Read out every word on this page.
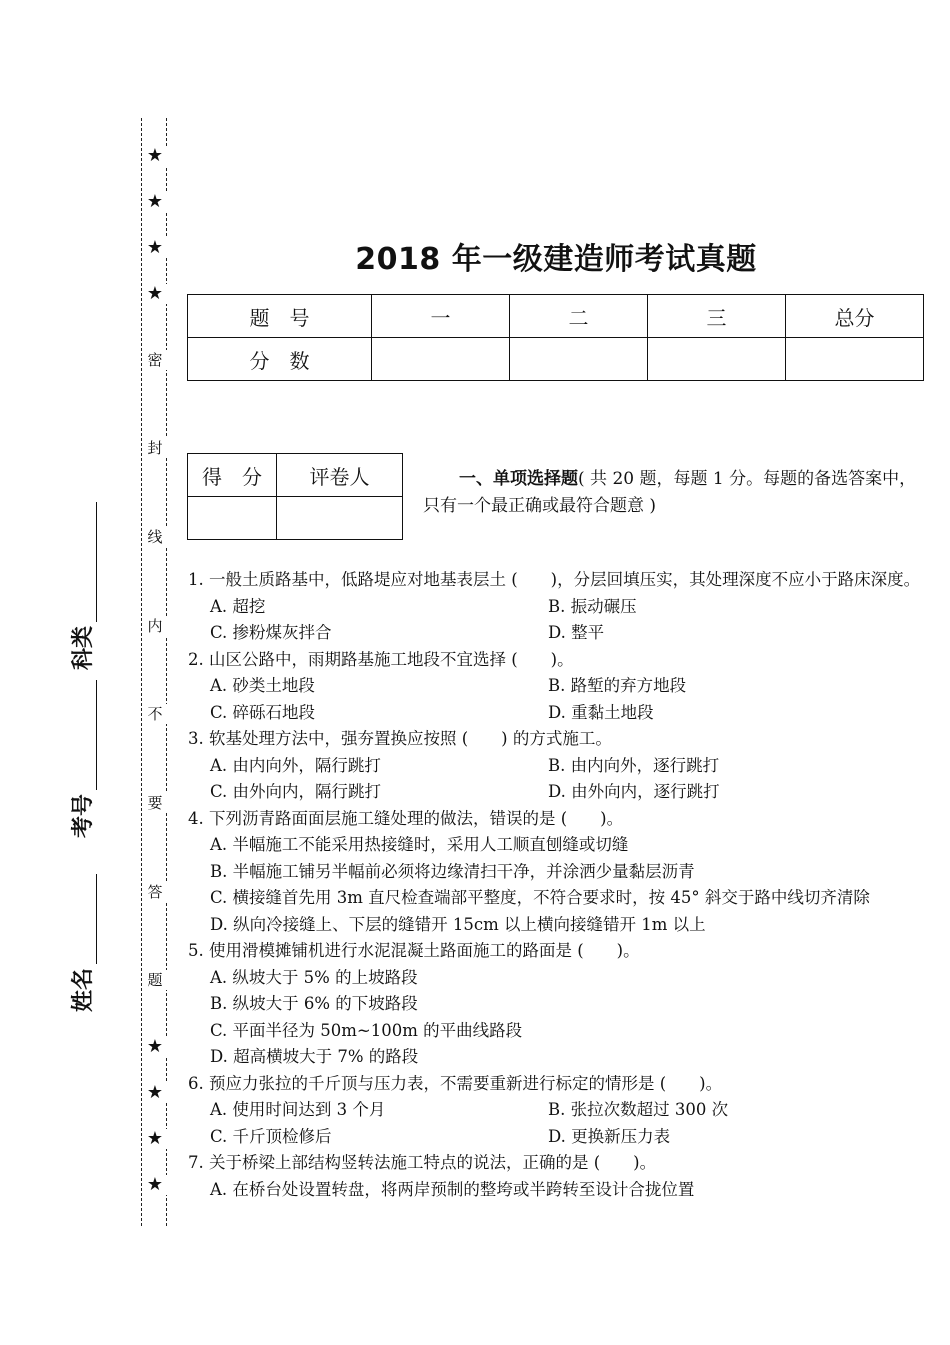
★
★
★
★
密
封
线
内
不
要
答
题
★
★
★
★
姓名
考号
科类
2018 年一级建造师考试真题
题　号	一	二	三	总分
分　数				
得　分	评卷人
		一、单项选择题( 共 20 题，每题 1 分。每题的备选答案中，只有一个最正确或最符合题意 )
1. 一般土质路基中，低路堤应对地基表层土 (　　)，分层回填压实，其处理深度不应小于路床深度。
A. 超挖	B. 振动碾压
C. 掺粉煤灰拌合	D. 整平
2. 山区公路中，雨期路基施工地段不宜选择 (　　)。
A. 砂类土地段	B. 路堑的弃方地段
C. 碎砾石地段	D. 重黏土地段
3. 软基处理方法中，强夯置换应按照 (　　) 的方式施工。
A. 由内向外，隔行跳打	B. 由内向外，逐行跳打
C. 由外向内，隔行跳打	D. 由外向内，逐行跳打
4. 下列沥青路面面层施工缝处理的做法，错误的是 (　　)。
A. 半幅施工不能采用热接缝时，采用人工顺直刨缝或切缝
B. 半幅施工铺另半幅前必须将边缘清扫干净，并涂洒少量黏层沥青
C. 横接缝首先用 3m 直尺检查端部平整度，不符合要求时，按 45° 斜交于路中线切齐清除
D. 纵向冷接缝上、下层的缝错开 15cm 以上横向接缝错开 1m 以上
5. 使用滑模摊铺机进行水泥混凝土路面施工的路面是 (　　)。
A. 纵坡大于 5% 的上坡路段
B. 纵坡大于 6% 的下坡路段
C. 平面半径为 50m~100m 的平曲线路段
D. 超高横坡大于 7% 的路段
6. 预应力张拉的千斤顶与压力表，不需要重新进行标定的情形是 (　　)。
A. 使用时间达到 3 个月	B. 张拉次数超过 300 次
C. 千斤顶检修后	D. 更换新压力表
7. 关于桥梁上部结构竖转法施工特点的说法，正确的是 (　　)。
A. 在桥台处设置转盘，将两岸预制的整垮或半跨转至设计合拢位置
